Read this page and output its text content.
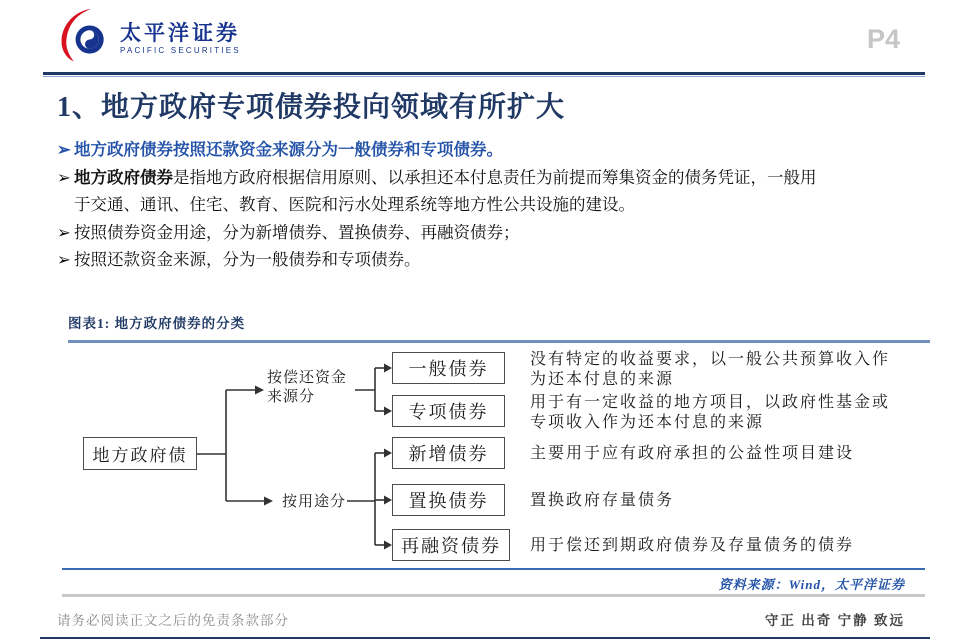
太平洋证券
PACIFIC SECURITIES	P4
1、地方政府专项债券投向领域有所扩大
➢ 地方政府债券按照还款资金来源分为一般债券和专项债券。
➢ 地方政府债券是指地方政府根据信用原则、以承担还本付息责任为前提而筹集资金的债务凭证，一般用于交通、通讯、住宅、教育、医院和污水处理系统等地方性公共设施的建设。
➢ 按照债券资金用途，分为新增债券、置换债券、再融资债券；
➢ 按照还款资金来源，分为一般债券和专项债券。
图表1: 地方政府债券的分类
地方政府债
按偿还资金
来源分
按用途分
一般债券
专项债券
新增债券
置换债券
再融资债券
没有特定的收益要求，以一般公共预算收入作为还本付息的来源
用于有一定收益的地方项目，以政府性基金或专项收入作为还本付息的来源
主要用于应有政府承担的公益性项目建设
置换政府存量债务
用于偿还到期政府债券及存量债务的债券
资料来源：Wind，太平洋证券
请务必阅读正文之后的免责条款部分	守正 出奇 宁静 致远
